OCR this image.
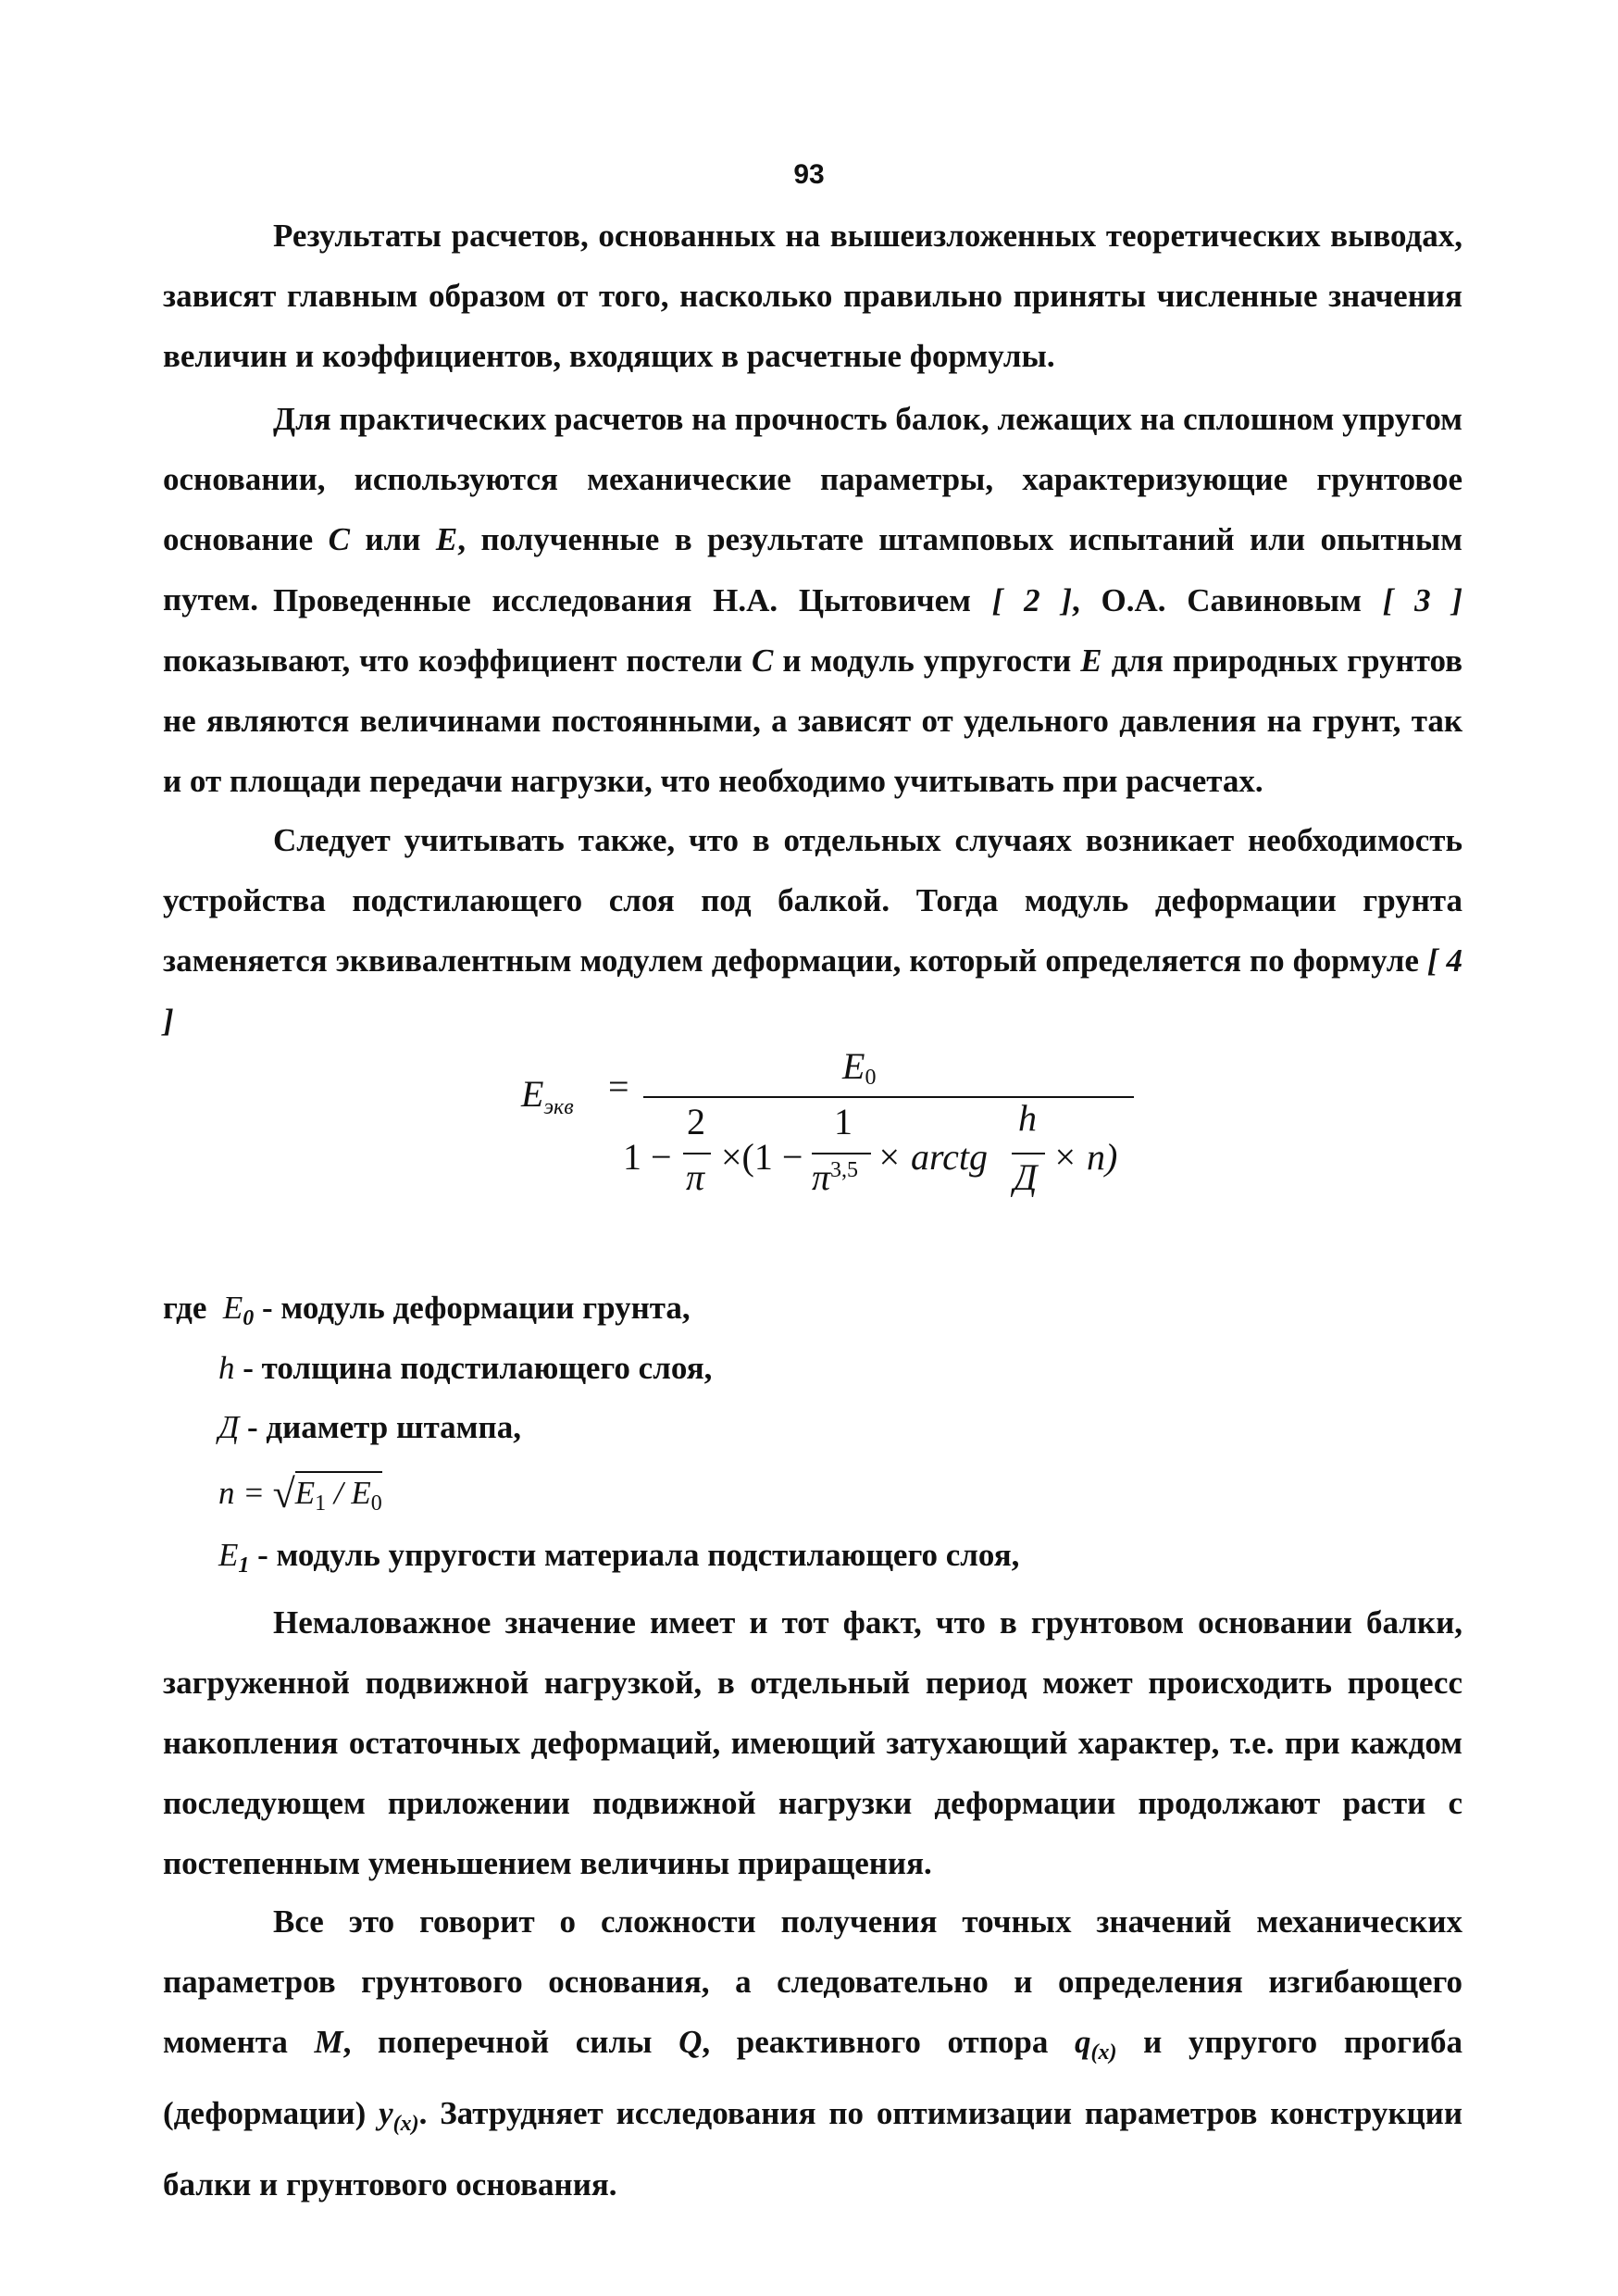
93

Результаты расчетов, основанных на вышеизложенных теоретических выводах, зависят главным образом от того, насколько правильно приняты численные значения величин и коэффициентов, входящих в расчетные формулы.

Для практических расчетов на прочность балок, лежащих на сплошном упругом основании, используются механические параметры, характеризующие грунтовое основание C или E, полученные в результате штамповых испытаний или опытным путем. Проведенные исследования Н.А. Цытовичем [ 2 ], О.А. Савиновым [ 3 ] показывают, что коэффициент постели C и модуль упругости E для природных грунтов не являются величинами постоянными, а зависят от удельного давления на грунт, так и от площади передачи нагрузки, что необходимо учитывать при расчетах.

Следует учитывать также, что в отдельных случаях возникает необходимость устройства подстилающего слоя под балкой. Тогда модуль деформации грунта заменяется эквивалентным модулем деформации, который определяется по формуле [ 4 ]

$E_{экв}$ =	E0
1 −
2
π ×(1 −
1
$\pi^{3,5}$ × arctg
h
Д × n)
где $E_0$ - модуль деформации грунта,
h - толщина подстилающего слоя,
Д - диаметр штампа,
$n = √E_1 / E_0$
$E_1$ - модуль упругости материала подстилающего слоя,

Немаловажное значение имеет и тот факт, что в грунтовом основании балки, загруженной подвижной нагрузкой, в отдельный период может происходить процесс накопления остаточных деформаций, имеющий затухающий характер, т.е. при каждом последующем приложении подвижной нагрузки деформации продолжают расти с постепенным уменьшением величины приращения.

Все это говорит о сложности получения точных значений механических параметров грунтового основания, а следовательно и определения изгибающего момента M, поперечной силы Q, реактивного отпора $q_{(x)}$ и упругого прогиба (деформации) $y_{(x)}$. Затрудняет исследования по оптимизации параметров конструкции балки и грунтового основания.
